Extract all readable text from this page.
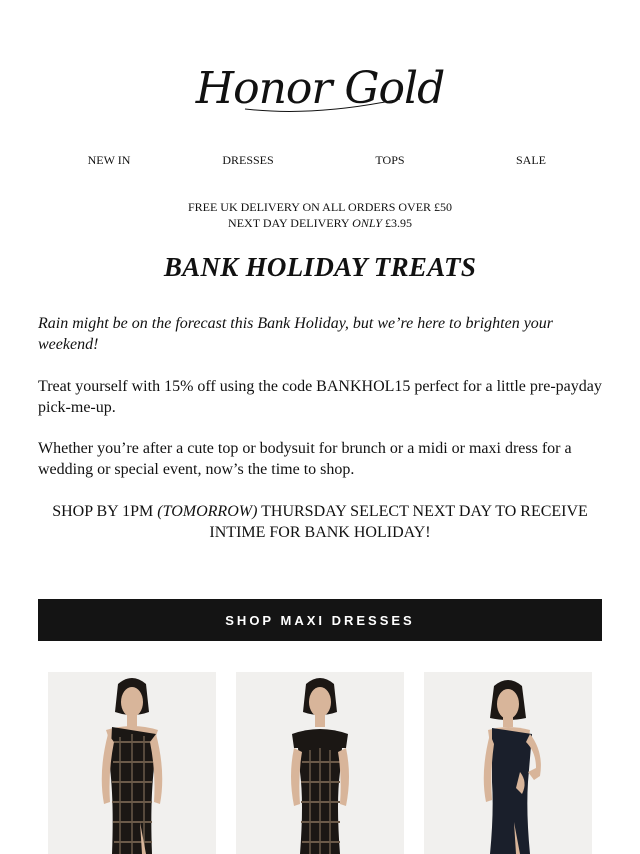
Honor Gold
NEW IN	DRESSES	TOPS	SALE
FREE UK DELIVERY ON ALL ORDERS OVER £50
NEXT DAY DELIVERY ONLY £3.95
BANK HOLIDAY TREATS

Rain might be on the forecast this Bank Holiday, but we’re here to brighten your weekend!

Treat yourself with 15% off using the code BANKHOL15 perfect for a little pre-payday pick-me-up.

Whether you’re after a cute top or bodysuit for brunch or a midi or maxi dress for a wedding or special event, now’s the time to shop.

SHOP BY 1PM (TOMORROW) THURSDAY SELECT NEXT DAY TO RECEIVE INTIME FOR BANK HOLIDAY!

SHOP MAXI DRESSES
